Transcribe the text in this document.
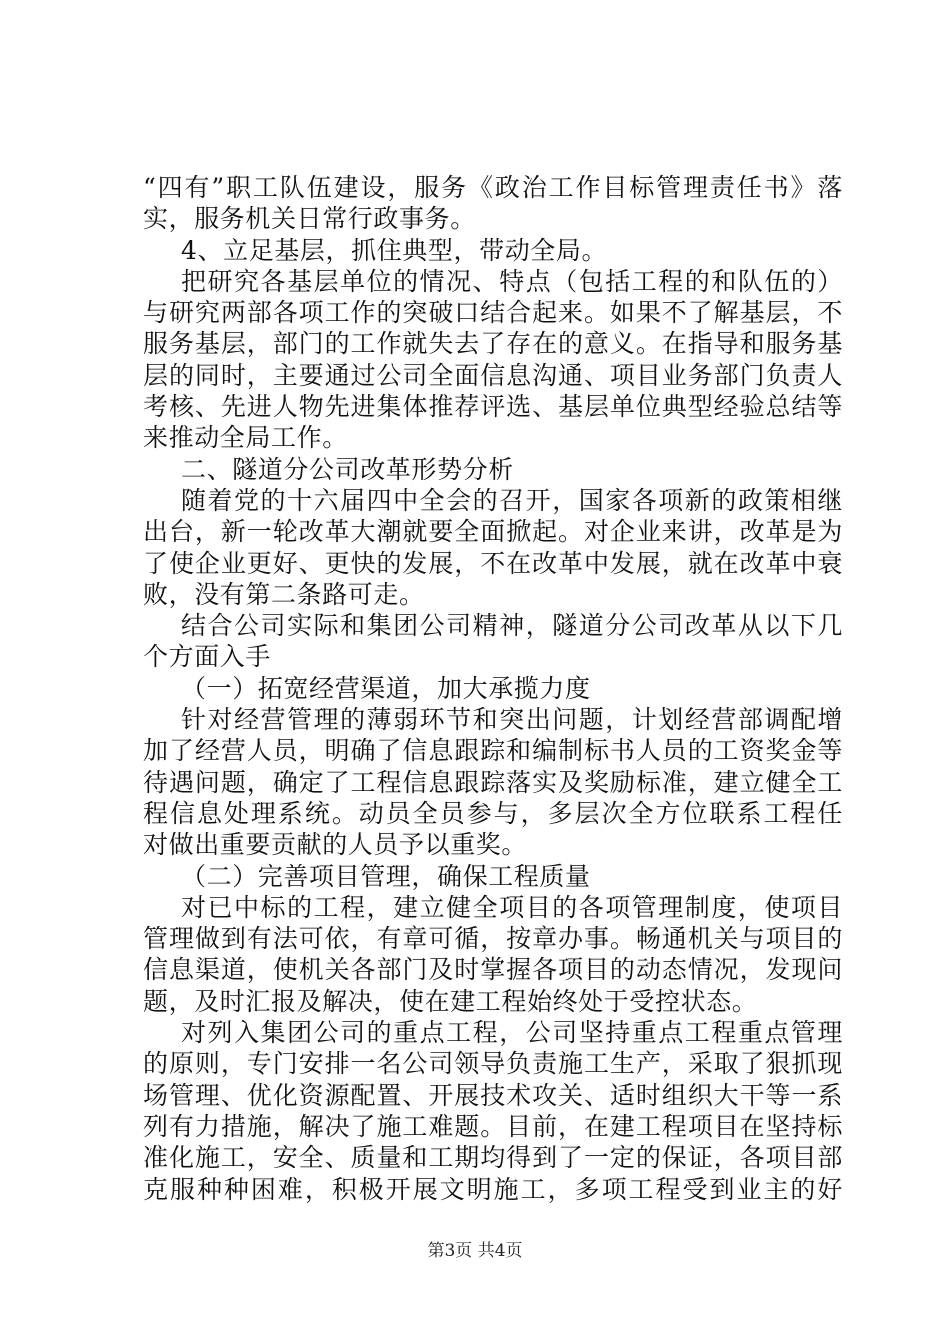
“四有”职工队伍建设，服务《政治工作目标管理责任书》落
实，服务机关日常行政事务。
4、立足基层，抓住典型，带动全局。
把研究各基层单位的情况、特点（包括工程的和队伍的）
与研究两部各项工作的突破口结合起来。如果不了解基层，不
服务基层，部门的工作就失去了存在的意义。在指导和服务基
层的同时，主要通过公司全面信息沟通、项目业务部门负责人
考核、先进人物先进集体推荐评选、基层单位典型经验总结等
来推动全局工作。
二、隧道分公司改革形势分析
随着党的十六届四中全会的召开，国家各项新的政策相继
出台，新一轮改革大潮就要全面掀起。对企业来讲，改革是为
了使企业更好、更快的发展，不在改革中发展，就在改革中衰
败，没有第二条路可走。
结合公司实际和集团公司精神，隧道分公司改革从以下几
个方面入手
（一）拓宽经营渠道，加大承揽力度
针对经营管理的薄弱环节和突出问题，计划经营部调配增
加了经营人员，明确了信息跟踪和编制标书人员的工资奖金等
待遇问题，确定了工程信息跟踪落实及奖励标准，建立健全工
程信息处理系统。动员全员参与，多层次全方位联系工程任
对做出重要贡献的人员予以重奖。
（二）完善项目管理，确保工程质量
对已中标的工程，建立健全项目的各项管理制度，使项目
管理做到有法可依，有章可循，按章办事。畅通机关与项目的
信息渠道，使机关各部门及时掌握各项目的动态情况，发现问
题，及时汇报及解决，使在建工程始终处于受控状态。
对列入集团公司的重点工程，公司坚持重点工程重点管理
的原则，专门安排一名公司领导负责施工生产，采取了狠抓现
场管理、优化资源配置、开展技术攻关、适时组织大干等一系
列有力措施，解决了施工难题。目前，在建工程项目在坚持标
准化施工，安全、质量和工期均得到了一定的保证，各项目部
克服种种困难，积极开展文明施工，多项工程受到业主的好
第3页 共4页
